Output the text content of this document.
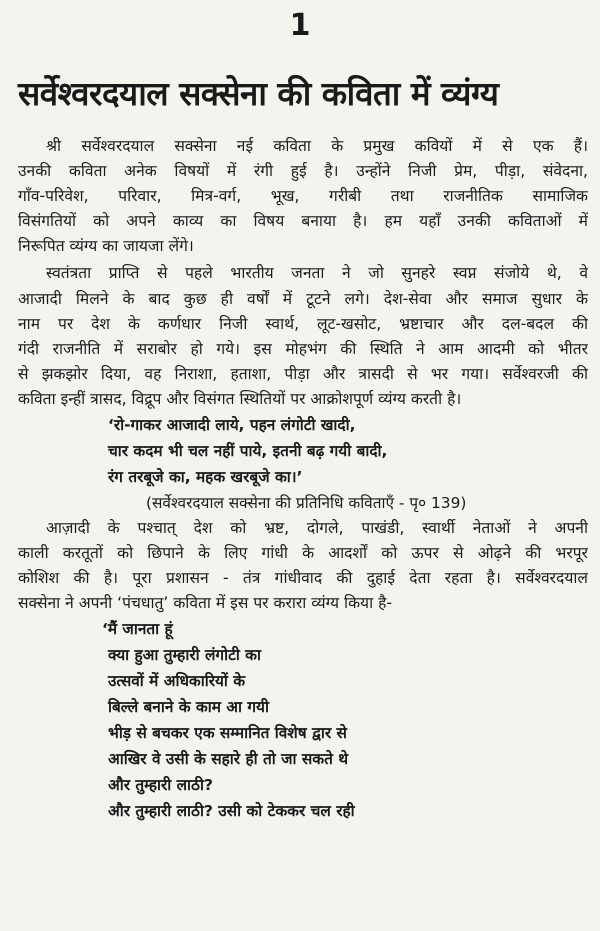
1
सर्वेश्वरदयाल सक्सेना की कविता में व्यंग्य
श्री सर्वेश्वरदयाल सक्सेना नई कविता के प्रमुख कवियों में से एक हैं।
उनकी कविता अनेक विषयों में रंगी हुई है। उन्होंने निजी प्रेम, पीड़ा, संवेदना,
गाँव-परिवेश, परिवार, मित्र-वर्ग, भूख, गरीबी तथा राजनीतिक सामाजिक
विसंगतियों को अपने काव्य का विषय बनाया है। हम यहाँ उनकी कविताओं में
निरूपित व्यंग्य का जायजा लेंगे।
स्वतंत्रता प्राप्ति से पहले भारतीय जनता ने जो सुनहरे स्वप्न संजोये थे, वे
आजादी मिलने के बाद कुछ ही वर्षों में टूटने लगे। देश-सेवा और समाज सुधार के
नाम पर देश के कर्णधार निजी स्वार्थ, लूट-खसोट, भ्रष्टाचार और दल-बदल की
गंदी राजनीति में सराबोर हो गये। इस मोहभंग की स्थिति ने आम आदमी को भीतर
से झकझोर दिया, वह निराशा, हताशा, पीड़ा और त्रासदी से भर गया। सर्वेश्वरजी की
कविता इन्हीं त्रासद, विद्रूप और विसंगत स्थितियों पर आक्रोशपूर्ण व्यंग्य करती है।
‘रो-गाकर आजादी लाये, पहन लंगोटी खादी,
चार कदम भी चल नहीं पाये, इतनी बढ़ गयी बादी,
रंग तरबूजे का, महक खरबूजे का।’
(सर्वेश्वरदयाल सक्सेना की प्रतिनिधि कविताएँ - पृ० 139)
आज़ादी के पश्चात् देश को भ्रष्ट, दोगले, पाखंडी, स्वार्थी नेताओं ने अपनी
काली करतूतों को छिपाने के लिए गांधी के आदर्शों को ऊपर से ओढ़ने की भरपूर
कोशिश की है। पूरा प्रशासन - तंत्र गांधीवाद की दुहाई देता रहता है। सर्वेश्वरदयाल
सक्सेना ने अपनी ‘पंचधातु’ कविता में इस पर करारा व्यंग्य किया है-
‘मैं जानता हूं
क्या हुआ तुम्हारी लंगोटी का
उत्सवों में अधिकारियों के
बिल्ले बनाने के काम आ गयी
भीड़ से बचकर एक सम्मानित विशेष द्वार से
आखिर वे उसी के सहारे ही तो जा सकते थे
और तुम्हारी लाठी?
और तुम्हारी लाठी? उसी को टेककर चल रही
